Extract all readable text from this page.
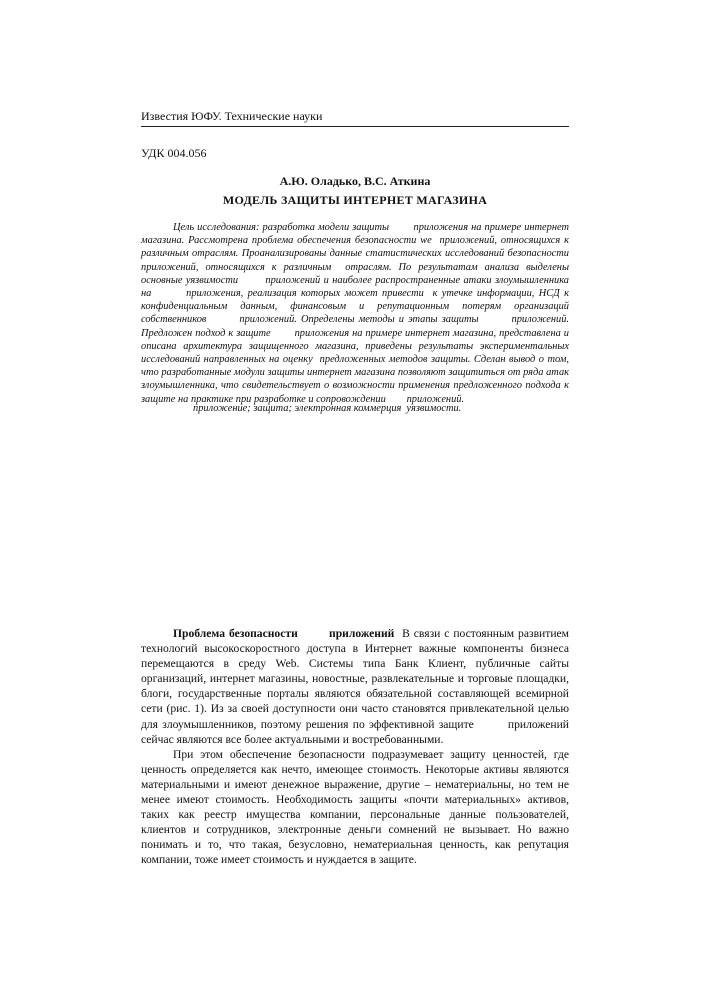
Известия ЮФУ. Технические науки
УДК 004.056
А.Ю. Оладько, В.С. Аткина
МОДЕЛЬ ЗАЩИТЫ ИНТЕРНЕТ МАГАЗИНА

Цель исследования: разработка модели защиты        приложения на примере интернет магазина. Рассмотрена проблема обеспечения безопасности we  приложений, относящихся к различным отраслям. Проанализированы данные статистических исследований безопасности        приложений, относящихся к различным  отраслям. По результатам анализа выделены основные уязвимости        приложений и наиболее распространенные атаки злоумышленника на        приложения, реализация которых может привести  к утечке информации, НСД к конфиденциальным данным, финансовым и репутационным потерям организаций собственников        приложений. Определены методы и этапы защиты        приложений. Предложен подход к защите        приложения на примере интернет магазина, представлена и описана архитектура защищенного магазина, приведены результаты экспериментальных исследований направленных на оценку  предложенных методов защиты. Сделан вывод о том, что разработанные модули защиты интернет магазина позволяют защититься от ряда атак злоумышленника, что свидетельствует о возможности применения предложенного подхода к защите на практике при разработке и сопровождении        приложений.

приложение; защита; электронная коммерция  уязвимости.

Проблема безопасности        приложений В связи с постоянным развитием технологий высокоскоростного доступа в Интернет важные компоненты бизнеса перемещаются в среду Web. Системы типа Банк Клиент, публичные сайты организаций, интернет магазины, новостные, развлекательные и торговые площадки, блоги, государственные порталы являются обязательной составляющей всемирной сети (рис. 1). Из за своей доступности они часто становятся привлекательной целью для злоумышленников, поэтому решения по эффективной защите        приложений сейчас являются все более актуальными и востребованными.

При этом обеспечение безопасности подразумевает защиту ценностей, где ценность определяется как нечто, имеющее стоимость. Некоторые активы являются материальными и имеют денежное выражение, другие – нематериальны, но тем не менее имеют стоимость. Необходимость защиты «почти материальных» активов, таких как реестр имущества компании, персональные данные пользователей, клиентов и сотрудников, электронные деньги сомнений не вызывает. Но важно понимать и то, что такая, безусловно, нематериальная ценность, как репутация компании, тоже имеет стоимость и нуждается в защите.
